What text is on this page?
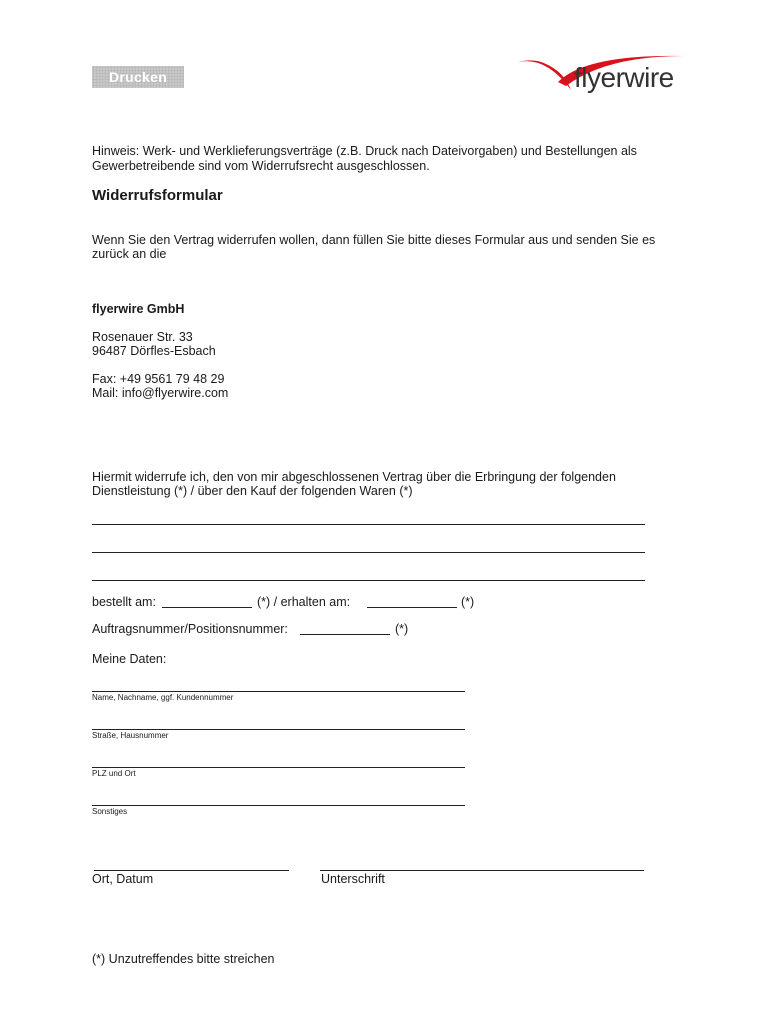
Drucken	flyerwire
Hinweis: Werk- und Werklieferungsverträge (z.B. Druck nach Dateivorgaben) und Bestellungen als
Gewerbetreibende sind vom Widerrufsrecht ausgeschlossen.
Widerrufsformular
Wenn Sie den Vertrag widerrufen wollen, dann füllen Sie bitte dieses Formular aus und senden Sie es
zurück an die
flyerwire GmbH
Rosenauer Str. 33
96487 Dörfles-Esbach
Fax: +49 9561 79 48 29
Mail: info@flyerwire.com
Hiermit widerrufe ich, den von mir abgeschlossenen Vertrag über die Erbringung der folgenden
Dienstleistung (*) / über den Kauf der folgenden Waren (*)
bestellt am:	(*) / erhalten am:	(*)
Auftragsnummer/Positionsnummer:	(*)
Meine Daten:
Name, Nachname, ggf. Kundennummer
Straße, Hausnummer
PLZ und Ort
Sonstiges
Ort, Datum	Unterschrift
(*) Unzutreffendes bitte streichen
